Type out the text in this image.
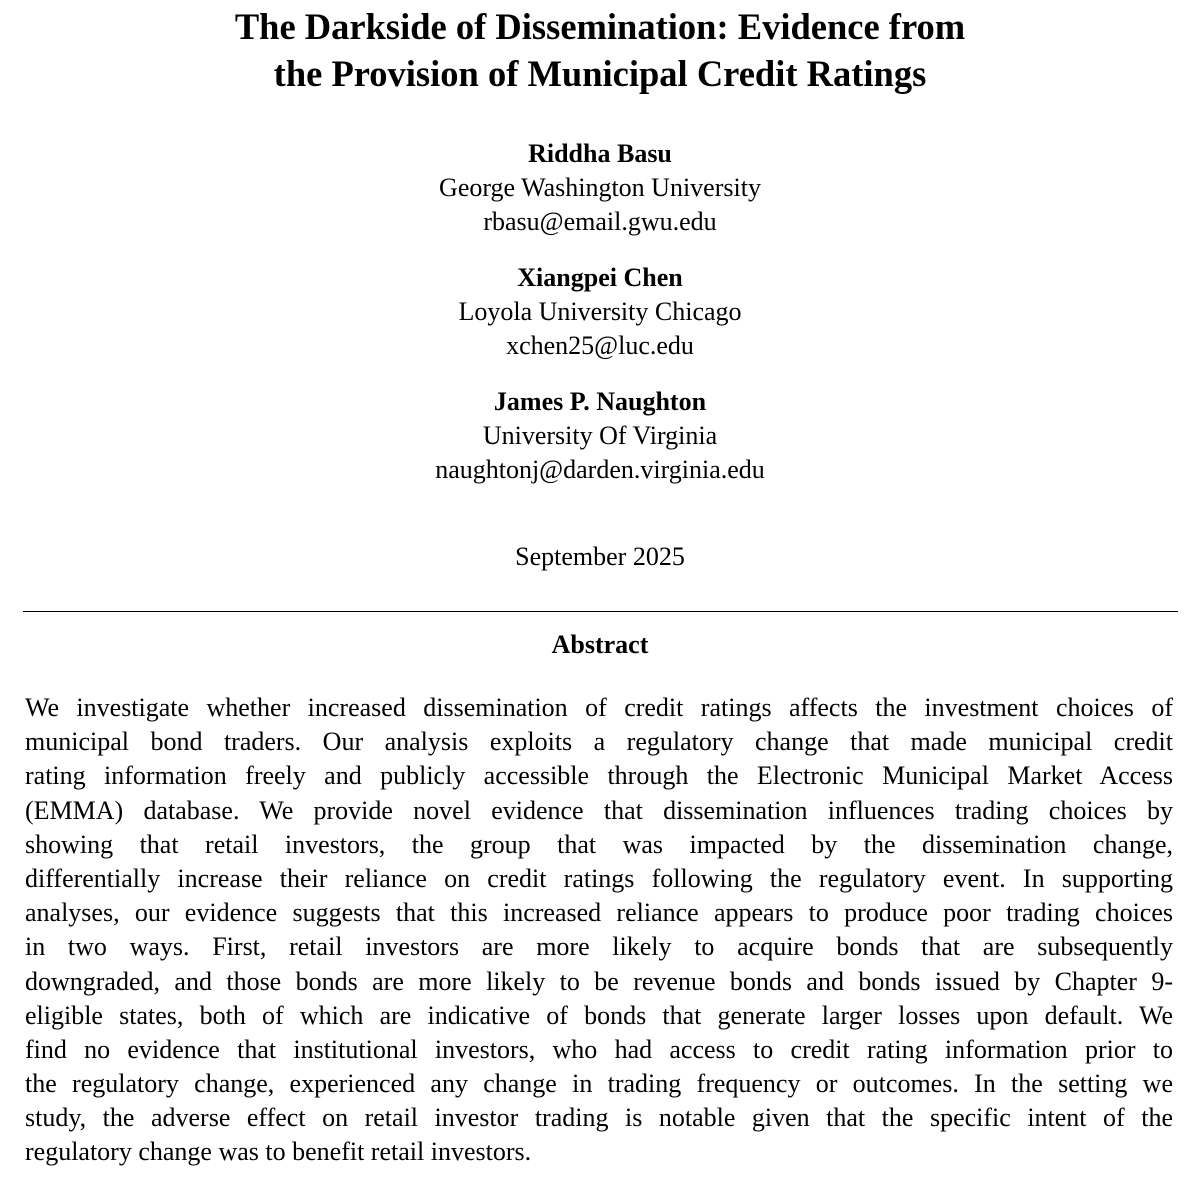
The Darkside of Dissemination: Evidence from
the Provision of Municipal Credit Ratings
Riddha Basu
George Washington University
rbasu@email.gwu.edu
Xiangpei Chen
Loyola University Chicago
xchen25@luc.edu
James P. Naughton
University Of Virginia
naughtonj@darden.virginia.edu
September 2025
Abstract
We investigate whether increased dissemination of credit ratings affects the investment choices of
municipal bond traders. Our analysis exploits a regulatory change that made municipal credit
rating information freely and publicly accessible through the Electronic Municipal Market Access
(EMMA) database. We provide novel evidence that dissemination influences trading choices by
showing that retail investors, the group that was impacted by the dissemination change,
differentially increase their reliance on credit ratings following the regulatory event. In supporting
analyses, our evidence suggests that this increased reliance appears to produce poor trading choices
in two ways. First, retail investors are more likely to acquire bonds that are subsequently
downgraded, and those bonds are more likely to be revenue bonds and bonds issued by Chapter 9-
eligible states, both of which are indicative of bonds that generate larger losses upon default. We
find no evidence that institutional investors, who had access to credit rating information prior to
the regulatory change, experienced any change in trading frequency or outcomes. In the setting we
study, the adverse effect on retail investor trading is notable given that the specific intent of the
regulatory change was to benefit retail investors.
